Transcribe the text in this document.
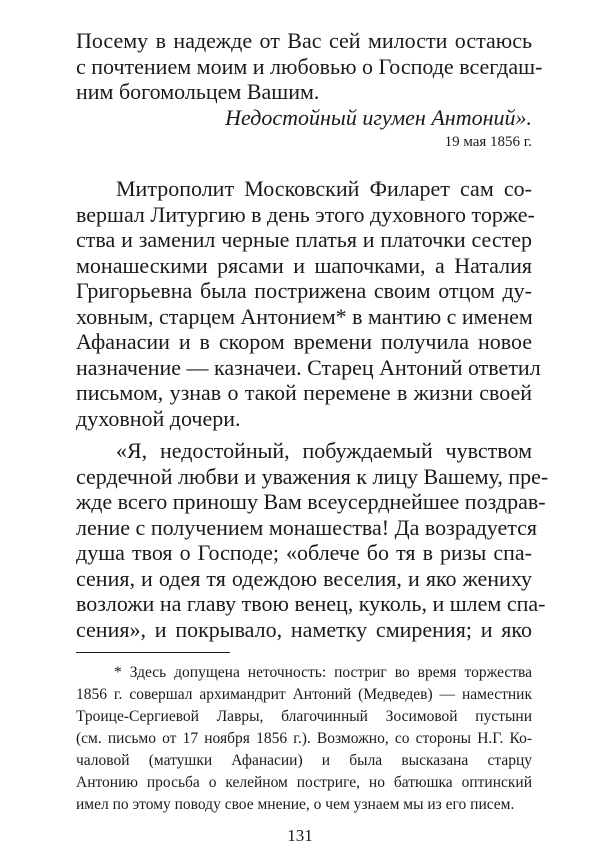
Посему в надежде от Вас сей милости остаюсь
с почтением моим и любовью о Господе всегдаш-
ним богомольцем Вашим.
Недостойный игумен Антоний».
19 мая 1856 г.
Митрополит Московский Филарет сам со-
вершал Литургию в день этого духовного торже-
ства и заменил черные платья и платочки сестер
монашескими рясами и шапочками, а Наталия
Григорьевна была пострижена своим отцом ду-
ховным, старцем Антонием* в мантию с именем
Афанасии и в скором времени получила новое
назначение — казначеи. Старец Антоний ответил
письмом, узнав о такой перемене в жизни своей
духовной дочери.
«Я, недостойный, побуждаемый чувством
сердечной любви и уважения к лицу Вашему, пре-
жде всего приношу Вам всеусерднейшее поздрав-
ление с получением монашества! Да возрадуется
душа твоя о Господе; «облече бо тя в ризы спа-
сения, и одея тя одеждою веселия, и яко жениху
возложи на главу твою венец, куколь, и шлем спа-
сения», и покрывало, наметку смирения; и яко
* Здесь допущена неточность: постриг во время торжества
1856 г. совершал архимандрит Антоний (Медведев) — наместник
Троице-Сергиевой Лавры, благочинный Зосимовой пустыни
(см. письмо от 17 ноября 1856 г.). Возможно, со стороны Н.Г. Ко-
чаловой (матушки Афанасии) и была высказана старцу
Антонию просьба о келейном постриге, но батюшка оптинский
имел по этому поводу свое мнение, о чем узнаем мы из его писем.
131
